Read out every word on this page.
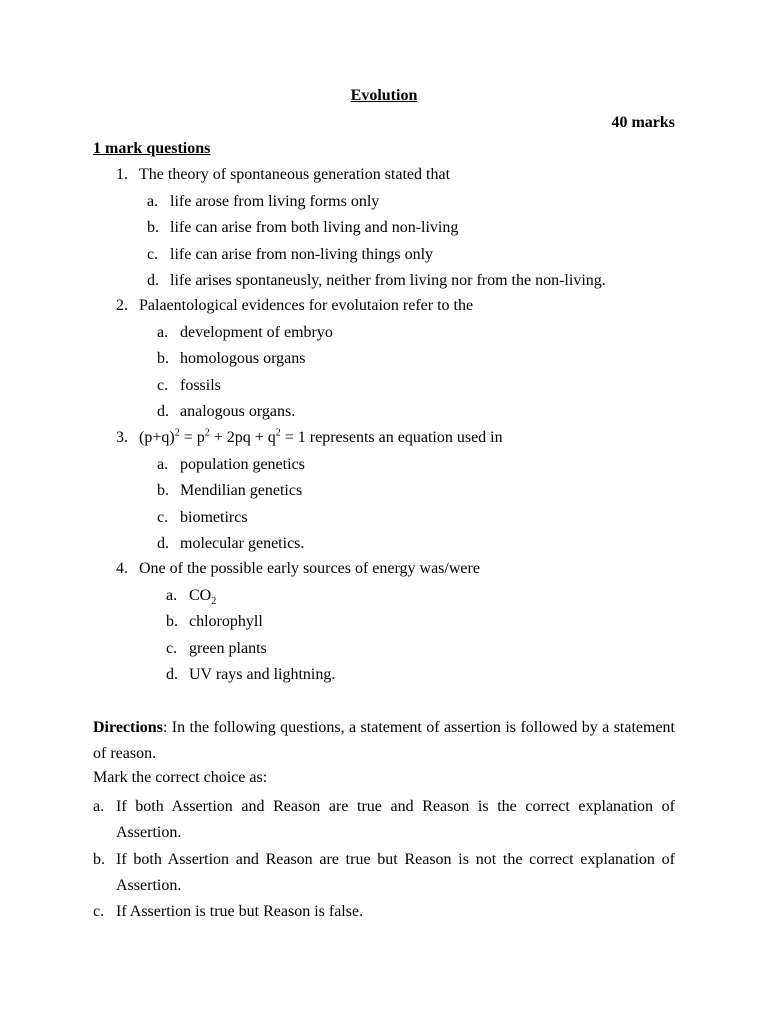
Evolution
40 marks
1 mark questions
1. The theory of spontaneous generation stated that
a. life arose from living forms only
b. life can arise from both living and non-living
c. life can arise from non-living things only
d. life arises spontaneusly, neither from living nor from the non-living.
2. Palaentological evidences for evolutaion refer to the
a. development of embryo
b. homologous organs
c. fossils
d. analogous organs.
3. $(p+q)^2 = p^2 + 2pq + q^2 = 1$ represents an equation used in
a. population genetics
b. Mendilian genetics
c. biometircs
d. molecular genetics.
4. One of the possible early sources of energy was/were
a. $CO_2$
b. chlorophyll
c. green plants
d. UV rays and lightning.
Directions: In the following questions, a statement of assertion is followed by a statement of reason.
Mark the correct choice as:
a. If both Assertion and Reason are true and Reason is the correct explanation of Assertion.
b. If both Assertion and Reason are true but Reason is not the correct explanation of Assertion.
c. If Assertion is true but Reason is false.
